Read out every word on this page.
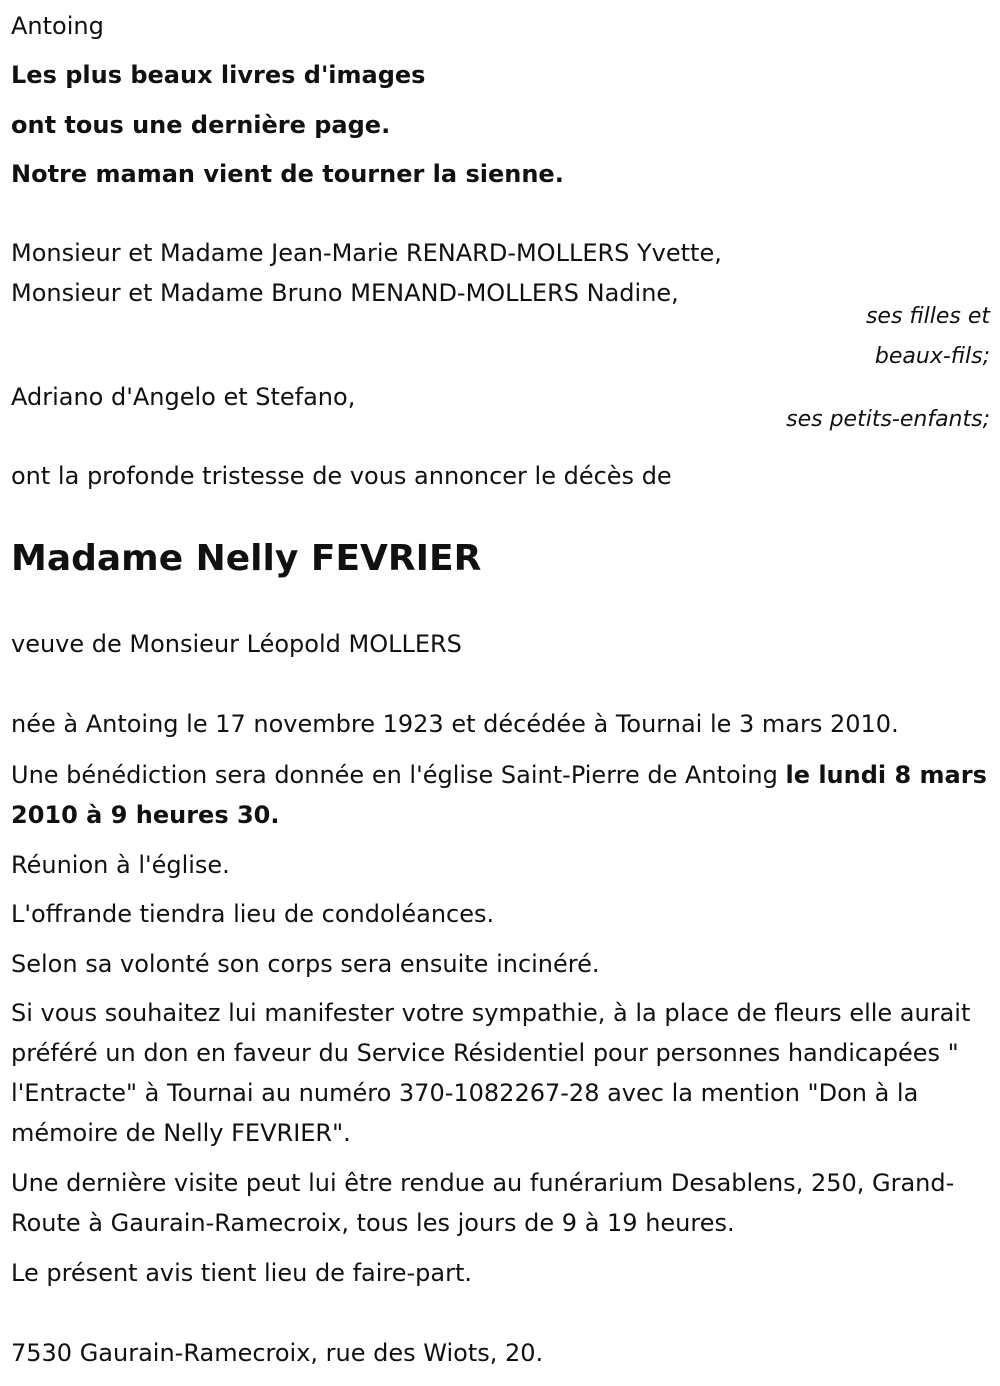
Antoing

Les plus beaux livres d'images

ont tous une dernière page.

Notre maman vient de tourner la sienne.

Monsieur et Madame Jean-Marie RENARD-MOLLERS Yvette,

Monsieur et Madame Bruno MENAND-MOLLERS Nadine,

ses filles et

beaux-fils;

Adriano d'Angelo et Stefano,

ses petits-enfants;

ont la profonde tristesse de vous annoncer le décès de

Madame Nelly FEVRIER

veuve de Monsieur Léopold MOLLERS

née à Antoing le 17 novembre 1923 et décédée à Tournai le 3 mars 2010.

Une bénédiction sera donnée en l'église Saint-Pierre de Antoing le lundi 8 mars 2010 à 9 heures 30.

Réunion à l'église.

L'offrande tiendra lieu de condoléances.

Selon sa volonté son corps sera ensuite incinéré.

Si vous souhaitez lui manifester votre sympathie, à la place de fleurs elle aurait préféré un don en faveur du Service Résidentiel pour personnes handicapées " l'Entracte" à Tournai au numéro 370-1082267-28 avec la mention "Don à la mémoire de Nelly FEVRIER".

Une dernière visite peut lui être rendue au funérarium Desablens, 250, Grand-Route à Gaurain-Ramecroix, tous les jours de 9 à 19 heures.

Le présent avis tient lieu de faire-part.

7530 Gaurain-Ramecroix, rue des Wiots, 20.
